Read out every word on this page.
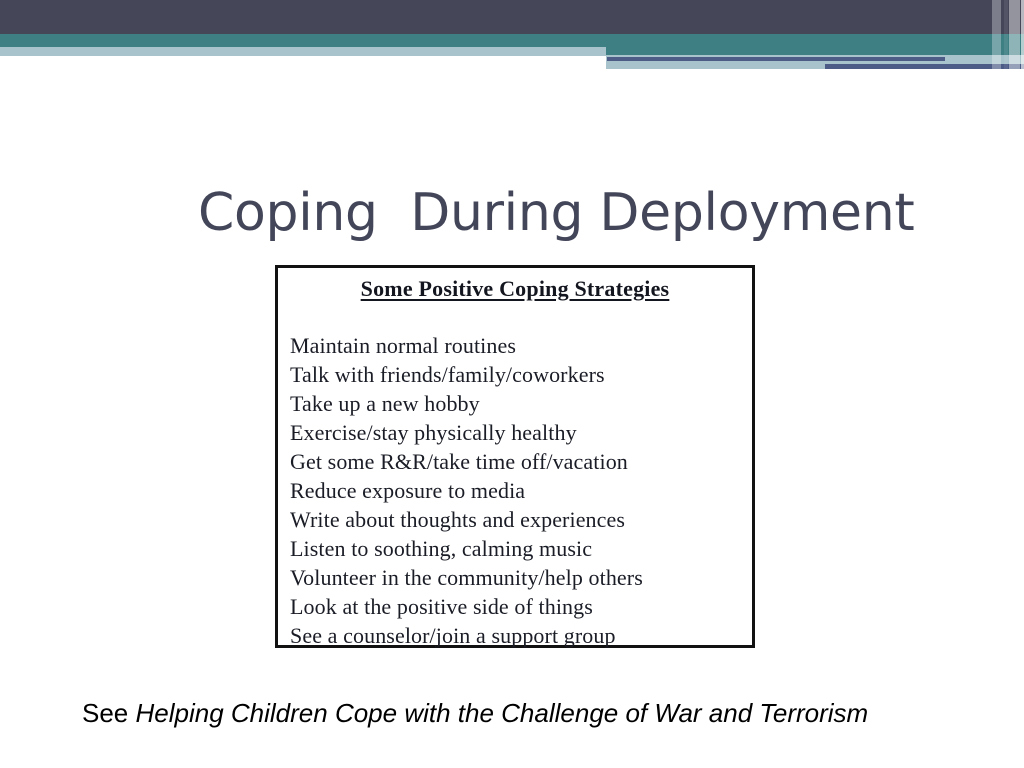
Coping  During Deployment
Some Positive Coping Strategies
Maintain normal routines
Talk with friends/family/coworkers
Take up a new hobby
Exercise/stay physically healthy
Get some R&R/take time off/vacation
Reduce exposure to media
Write about thoughts and experiences
Listen to soothing, calming music
Volunteer in the community/help others
Look at the positive side of things
See a counselor/join a support group
See Helping Children Cope with the Challenge of War and Terrorism
